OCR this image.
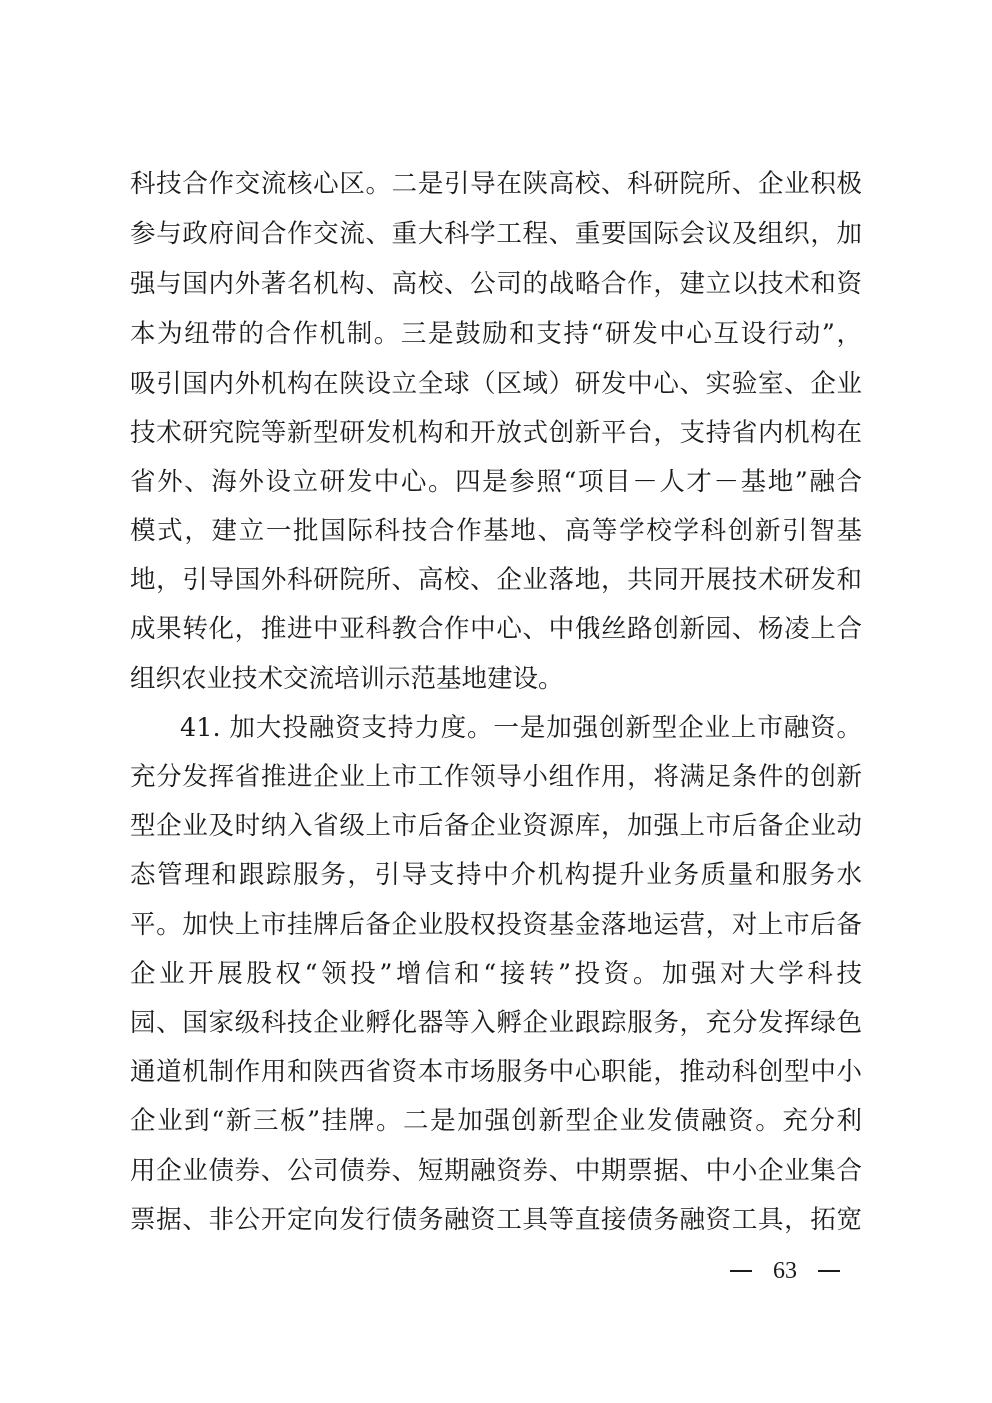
科技合作交流核心区。二是引导在陕高校、科研院所、企业积极
参与政府间合作交流、重大科学工程、重要国际会议及组织，加
强与国内外著名机构、高校、公司的战略合作，建立以技术和资
本为纽带的合作机制。三是鼓励和支持“研发中心互设行动”，
吸引国内外机构在陕设立全球（区域）研发中心、实验室、企业
技术研究院等新型研发机构和开放式创新平台，支持省内机构在
省外、海外设立研发中心。四是参照“项目－人才－基地”融合
模式，建立一批国际科技合作基地、高等学校学科创新引智基
地，引导国外科研院所、高校、企业落地，共同开展技术研发和
成果转化，推进中亚科教合作中心、中俄丝路创新园、杨凌上合
组织农业技术交流培训示范基地建设。
41. 加大投融资支持力度。一是加强创新型企业上市融资。
充分发挥省推进企业上市工作领导小组作用，将满足条件的创新
型企业及时纳入省级上市后备企业资源库，加强上市后备企业动
态管理和跟踪服务，引导支持中介机构提升业务质量和服务水
平。加快上市挂牌后备企业股权投资基金落地运营，对上市后备
企业开展股权“领投”增信和“接转”投资。加强对大学科技
园、国家级科技企业孵化器等入孵企业跟踪服务，充分发挥绿色
通道机制作用和陕西省资本市场服务中心职能，推动科创型中小
企业到“新三板”挂牌。二是加强创新型企业发债融资。充分利
用企业债券、公司债券、短期融资券、中期票据、中小企业集合
票据、非公开定向发行债务融资工具等直接债务融资工具，拓宽
63
